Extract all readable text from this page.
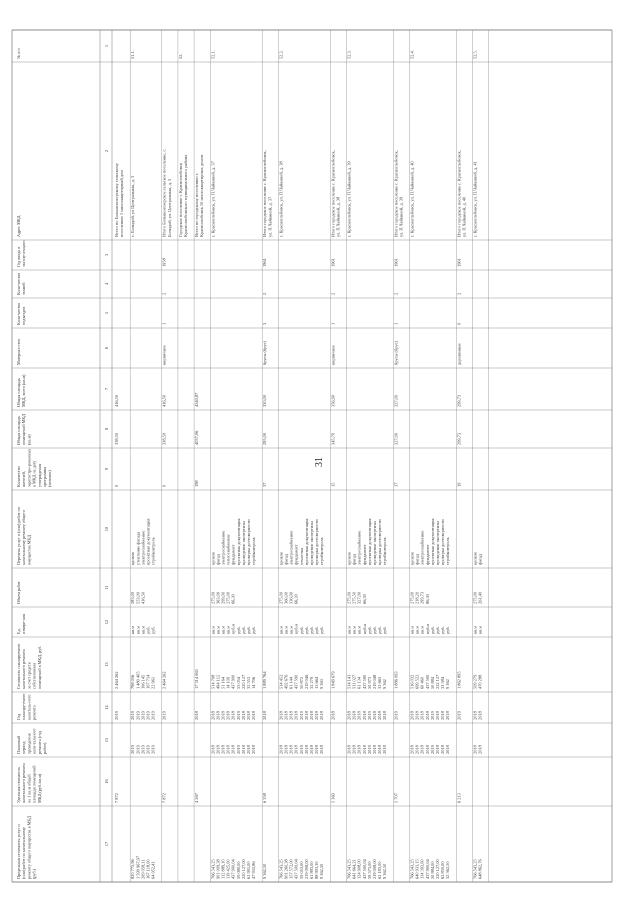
31
№ п/п
Адрес МКД
Год ввода в эксплу-атацию
Коли-чество этажей
Коли-чество подъездов
Материал стен
Общая площадь МКД, всего (кв.м)
Общая площадь помещений МКД (кв.м)
Количество жителей, зарегистри-рованных в МКД на дату утверждения программы (человек)
Перечень услуг и (или) работ по капитальному ремонту общего имущества МКД
Объем работ
Ед. измере-ния
Стоимость планируемого капитального ремонта за счет средств собственников помещений в МКД, руб.
Год планиру-емого капиталь-ного ремонта
Плановый период проведения капи-тального ремонта (год работ)
Удельная стоимость капитального ремонта на 1 кв.м общей площади помещений МКД (руб./кв.м)
Предельная стоимость услуг и (или) работ по капитальному ремонту общего имущества в МКД (руб.)
1
2
3
4
5
6
7
8
9
10
11
12
13
14
15
16
17
Всего по Большемохерскому сельскому поселению 1 многоквартирный дом
416,50
338,50
0
2 464 262
2019
7 872
51.1.
с. Болыдой, ул Центральная, д. 3
кровля
283,00
кв.м
798 056
2019
2019
820 775,96
утепление фасада
553,00
кв.м
1 480 405
2019
2019
1 599 967,97
электроснабжение
416,50
кв.м
106 145
2019
2019
209 058,11
проектная документация
руб.
107 714
2019
2019
167 118,00
стройконтроль
руб.
22 961
2019
2019
64 952,41
Итого Большемохерское сельское поселение, с. Болыдой, ул. Центральная, д. 3
1958
2
1
кирпичное
416,50
338,50
0
2 464 262
2019
7 872
52.
Городское поселение г. Красноглебовск Красноглебовского муниципального района Всего по городскому поселению г. Красноглебовск 10 многоквартирных домов
4340,87
4037,06
198
17 314 063
2018
4 267
52.1.
г. Красноглебовск, ул. П.Чайкиной, д. 37
кровля
275,00
кв.м
514 708
2018
2018
766 543,25
фасад
363,00
кв.м
494 112
2018
2018
901 009,38
электроснабжение
299,00
кв.м
51 164
2018
2018
112 889,10
теплоснабжение
275,00
кв.м
14 109
2018
2018
119 425,00
фундамент
66,30
куб.м
437 900
2018
2018
437 900,04
проектная документация
руб.
53 054
2019
2019
59 080,00
проведение экспертизы
руб.
220 127
2018
2018
220 127,00
проверка достоверности
руб.
32 553
2018
2018
61 991,00
стройконтроль
руб.
14 706
2018
2018
47 932,86
Итого городское поселение г. Красноглебовск, ул. П.Чайкиной, д. 37
1961
2
3
брусы (брус)
330,00
295,00
37
1 889 764
2018
6 358
9 362,50
52.2.
г. Красноглебовск, ул. П.Чайкиной, д. 38
кровля
275,00
кв.м
514 452
2018
2018
766 543,25
фасад
360,00
кв.м
492 676
2018
2018
901 260,38
электроснабжение
336,00
кв.м
61 144
2018
2018
157 572,00
фундамент
66,30
куб.м
437 590
2018
2018
437 500,04
отмостка
руб.
50 872
2019
2019
59 053,00
проектная документация
руб.
219 046
2018
2018
219 008,00
проведение экспертизы
руб.
32 279
2018
2018
61 883,00
проверка достоверности
руб.
13 664
2018
2018
88 993,30
стройконтроль
руб.
9 363
2018
2018
9 362,50
Итого городское поселение г. Красноглебовск, ул. П.Чайкиной, д. 38
1961
2
1
кирпичное
356,90
345,70
15
1 849 679
2018
5 360
52.3.
г. Красноглебовск, ул. П.Чайкиной, д. 39
кровля
275,00
кв.м
514 141
2018
2018
766 543,25
фасад
275,50
кв.м
511 027
2018
2018
641 664,21
электроснабжение
327,00
кв.м
61 134
2018
2018
124 908,00
фундамент
66,30
куб.м
437 590
2018
2018
437 500,04
проектная документация
руб.
50 973
2019
2019
59 573,00
проведение экспертизы
руб.
219 048
2018
2018
219 008,00
проверка достоверности
руб.
32 663
2018
2018
62 183,00
стройконтроль
руб.
9 362
2018
2018
9 362,50
Итого городское поселение г. Красноглебовск, ул. П.Чайкиной, д. 39
1961
2
1
брусы (брус)
327,00
327,00
17
1 886 093
2019
5 707
52.4.
г. Красноглебовск, ул. П.Чайкиной, д. 40
кровля
275,00
кв.м
516 032
2018
2018
766 543,25
фасад
218,20
кв.м
699 522
2018
2018
640 933,15
электроснабжение
299,73
кв.м
60 460
2018
2018
114 393,00
фундамент
86,30
куб.м
437 500
2018
2018
437 900,04
проектная документация
руб.
50 884
2019
2019
50 884,00
проведение экспертизы
руб.
222 127
2018
2018
220 127,00
проверка достоверности
руб.
32 584
2018
2018
62 830,00
стройконтроль
руб.
9 362
2018
2018
32 362,50
Итого городское поселение г. Красноглебовск, ул. П.Чайкиной, д. 40
1961
2
0
деревянные
299,73
299,73
19
1 862 895
2019
6 213
52.5.
г. Красноглебовск, ул. П.Чайкиной, д. 41
кровля
275,00
кв.м
509 279
2018
2018
766 543,25
фасад
261,40
кв.м
470 288
2018
2018
648 862,76
